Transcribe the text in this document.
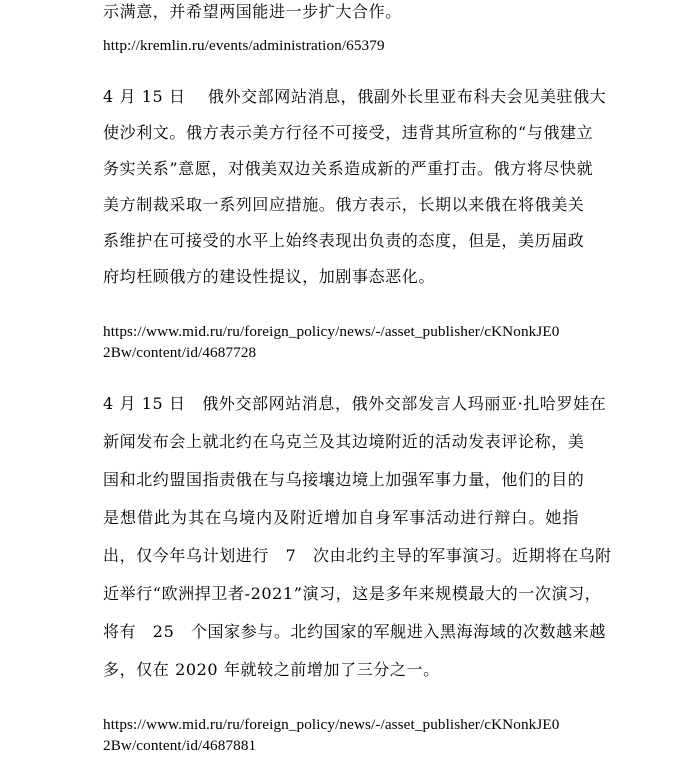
示满意，并希望两国能进一步扩大合作。
http://kremlin.ru/events/administration/65379
4 月 15 日　 俄外交部网站消息，俄副外长里亚布科夫会见美驻俄大
使沙利文。俄方表示美方行径不可接受，违背其所宣称的“与俄建立
务实关系”意愿，对俄美双边关系造成新的严重打击。俄方将尽快就
美方制裁采取一系列回应措施。俄方表示，长期以来俄在将俄美关
系维护在可接受的水平上始终表现出负责的态度，但是，美历届政
府均枉顾俄方的建设性提议，加剧事态恶化。
https://www.mid.ru/ru/foreign_policy/news/-/asset_publisher/cKNonkJE0
2Bw/content/id/4687728
4 月 15 日　俄外交部网站消息，俄外交部发言人玛丽亚·扎哈罗娃在
新闻发布会上就北约在乌克兰及其边境附近的活动发表评论称，美
国和北约盟国指责俄在与乌接壤边境上加强军事力量，他们的目的
是想借此为其在乌境内及附近增加自身军事活动进行辩白。她指
出，仅今年乌计划进行　7　次由北约主导的军事演习。近期将在乌附
近举行“欧洲捍卫者-2021”演习，这是多年来规模最大的一次演习，
将有　25　个国家参与。北约国家的军舰进入黑海海域的次数越来越
多，仅在 2020 年就较之前增加了三分之一。
https://www.mid.ru/ru/foreign_policy/news/-/asset_publisher/cKNonkJE0
2Bw/content/id/4687881
